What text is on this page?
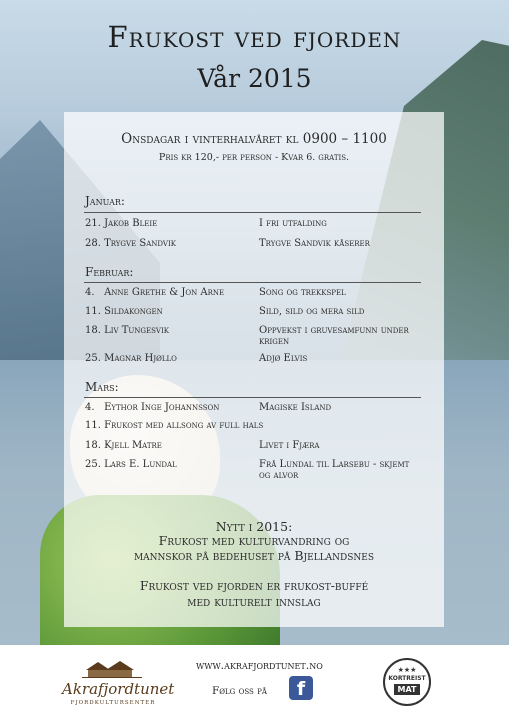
Frukost ved fjorden
Vår 2015
Onsdagar i vinterhalvåret kl 0900 – 1100
Pris kr 120,- per person - Kvar 6. gratis.
Januar:
21. Jakob Bleie	I fri utfalding
28. Trygve Sandvik	Trygve Sandvik kåserer
Februar:
4.   Anne Grethe & Jon Arne	Song og trekkspel
11. Sildakongen	Sild, sild og mera sild
18. Liv Tungesvik	Oppvekst i gruvesamfunn under krigen
25. Magnar Hjøllo	Adjø Elvis
Mars:
4.   Eythor Inge Johannsson	Magiske Island
11. Frukost med allsong av full hals
18. Kjell Matre	Livet i Fjæra
25. Lars E. Lundal	Frå Lundal til Larsebu - skjemt og alvor
Nytt i 2015:
Frukost med kulturvandring og
mannskor på bedehuset på Bjellandsnes
Frukost ved fjorden er frukost-buffé
med kulturelt innslag
Akrafjordtunet
FJORDKULTURSENTER
www.akrafjordtunet.no
Følg oss på	f
★★★
KORTREIST
MAT
